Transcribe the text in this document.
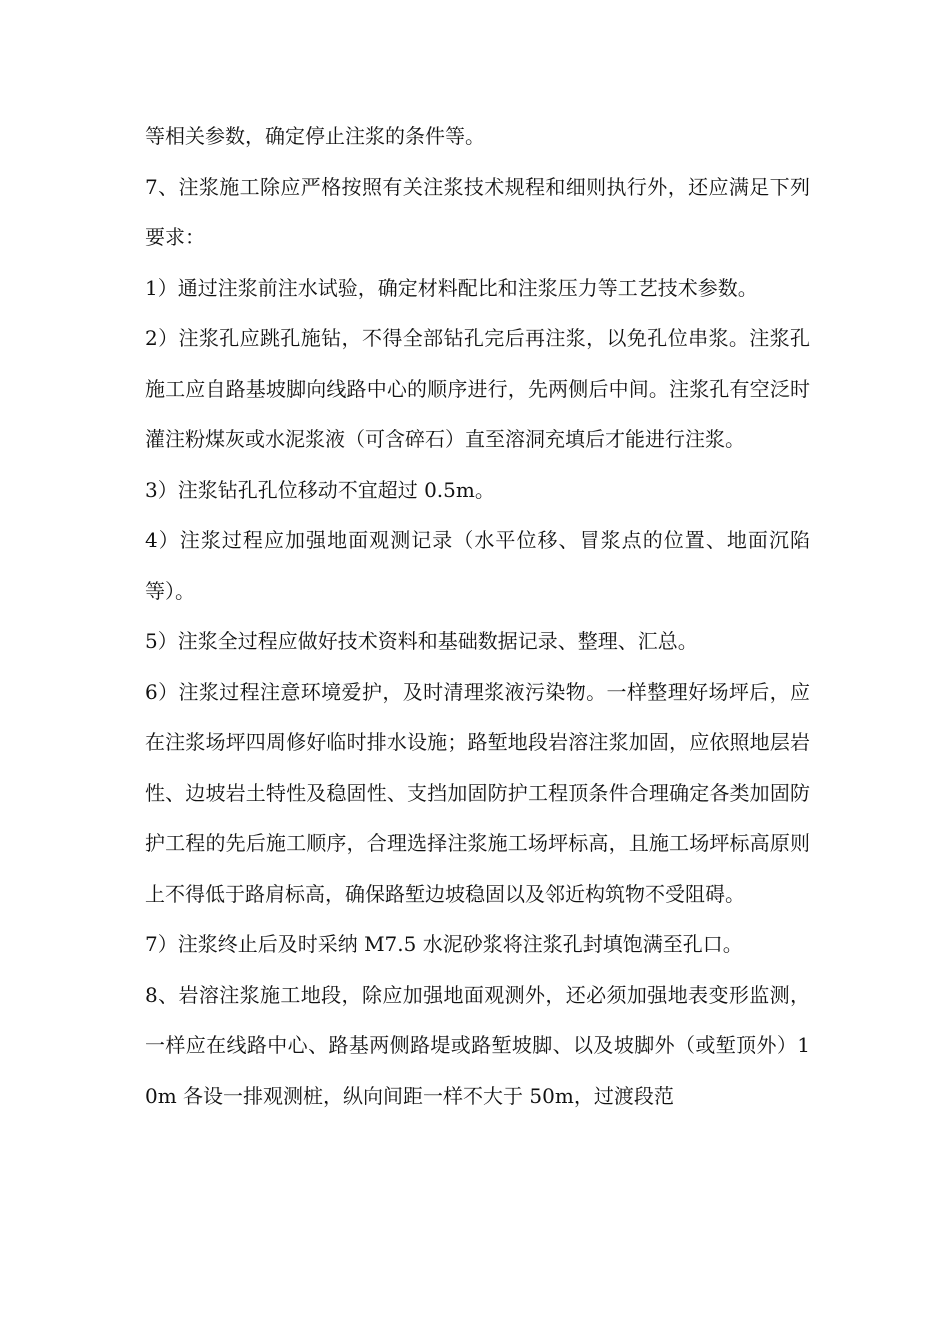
等相关参数，确定停止注浆的条件等。

7、注浆施工除应严格按照有关注浆技术规程和细则执行外，还应满足下列要求：

1）通过注浆前注水试验，确定材料配比和注浆压力等工艺技术参数。

2）注浆孔应跳孔施钻，不得全部钻孔完后再注浆，以免孔位串浆。注浆孔施工应自路基坡脚向线路中心的顺序进行，先两侧后中间。注浆孔有空泛时灌注粉煤灰或水泥浆液（可含碎石）直至溶洞充填后才能进行注浆。

3）注浆钻孔孔位移动不宜超过 0.5m。

4）注浆过程应加强地面观测记录（水平位移、冒浆点的位置、地面沉陷等）。

5）注浆全过程应做好技术资料和基础数据记录、整理、汇总。

6）注浆过程注意环境爱护，及时清理浆液污染物。一样整理好场坪后，应在注浆场坪四周修好临时排水设施；路堑地段岩溶注浆加固，应依照地层岩性、边坡岩土特性及稳固性、支挡加固防护工程顶条件合理确定各类加固防护工程的先后施工顺序，合理选择注浆施工场坪标高，且施工场坪标高原则上不得低于路肩标高，确保路堑边坡稳固以及邻近构筑物不受阻碍。

7）注浆终止后及时采纳 M7.5 水泥砂浆将注浆孔封填饱满至孔口。

8、岩溶注浆施工地段，除应加强地面观测外，还必须加强地表变形监测，一样应在线路中心、路基两侧路堤或路堑坡脚、以及坡脚外（或堑顶外）10m 各设一排观测桩，纵向间距一样不大于 50m，过渡段范
